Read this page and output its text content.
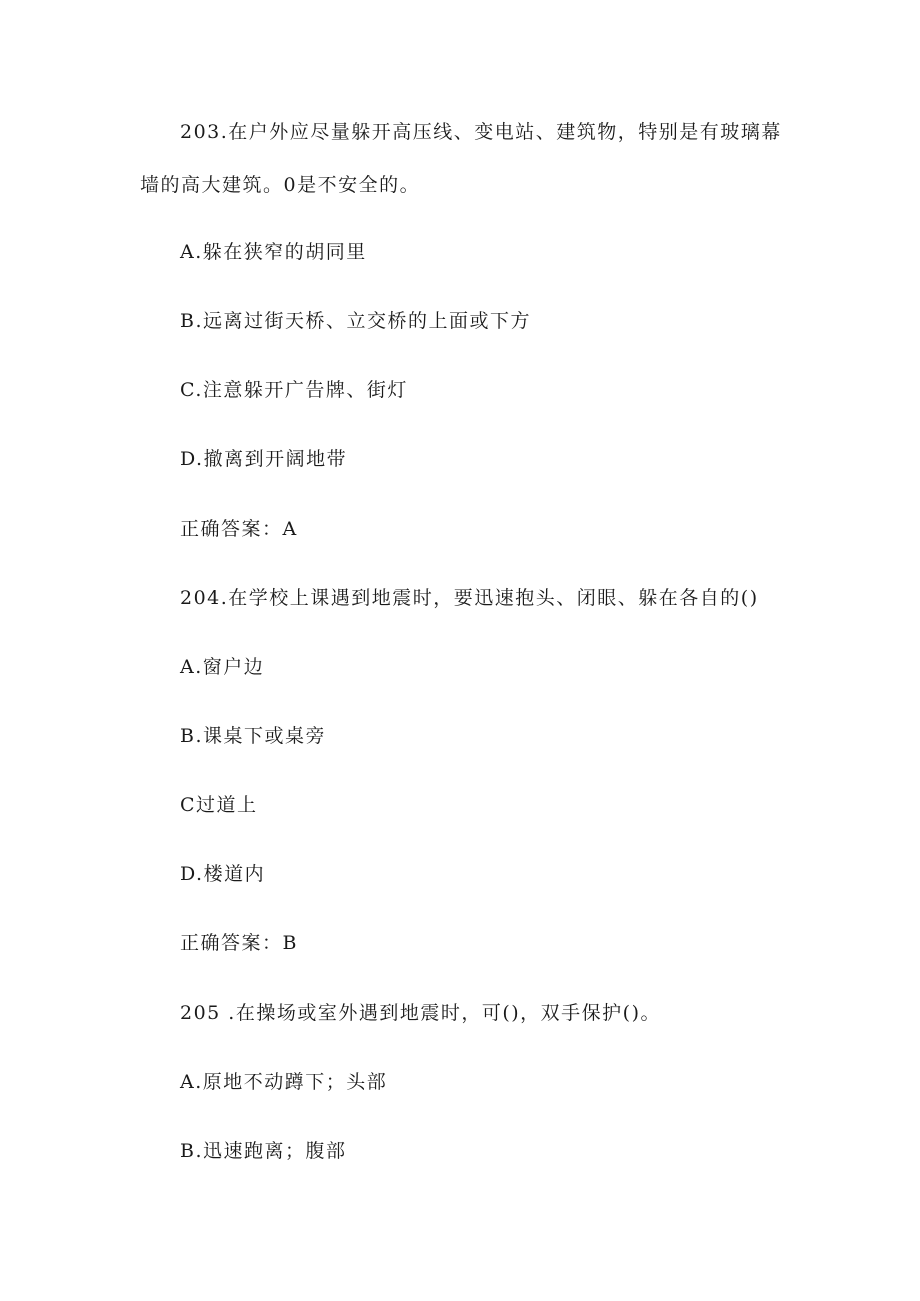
203.在户外应尽量躲开高压线、变电站、建筑物，特别是有玻璃幕
墙的高大建筑。0是不安全的。
A.躲在狭窄的胡同里
B.远离过街天桥、立交桥的上面或下方
C.注意躲开广告牌、街灯
D.撤离到开阔地带
正确答案：A
204.在学校上课遇到地震时，要迅速抱头、闭眼、躲在各自的()
A.窗户边
B.课桌下或桌旁
C过道上
D.楼道内
正确答案：B
205 .在操场或室外遇到地震时，可()，双手保护()。
A.原地不动蹲下；头部
B.迅速跑离；腹部
